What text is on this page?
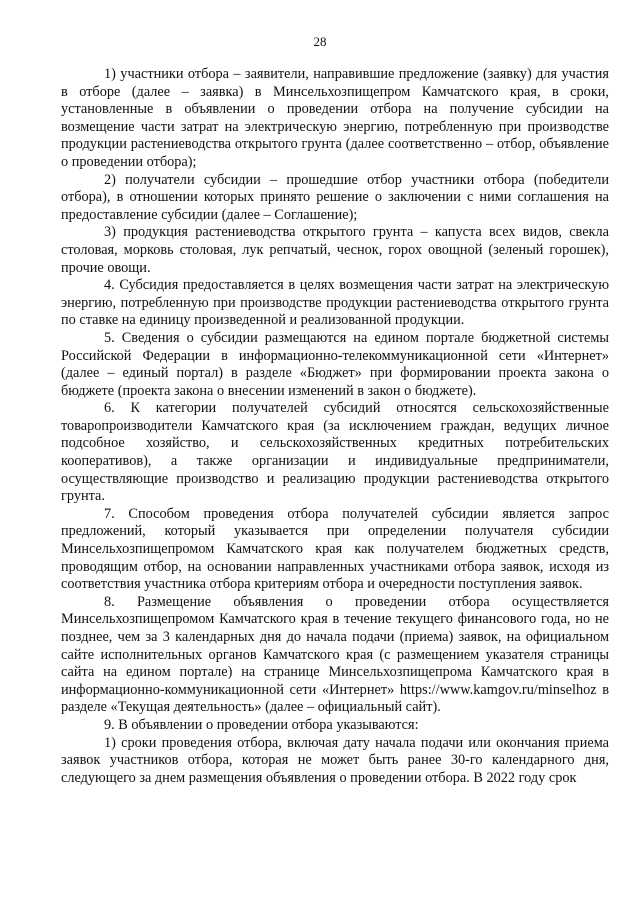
28

1) участники отбора – заявители, направившие предложение (заявку) для участия в отборе (далее – заявка) в Минсельхозпищепром Камчатского края, в сроки, установленные в объявлении о проведении отбора на получение субсидии на возмещение части затрат на электрическую энергию, потребленную при производстве продукции растениеводства открытого грунта (далее соответственно – отбор, объявление о проведении отбора);

2) получатели субсидии – прошедшие отбор участники отбора (победители отбора), в отношении которых принято решение о заключении с ними соглашения на предоставление субсидии (далее – Соглашение);

3) продукция растениеводства открытого грунта – капуста всех видов, свекла столовая, морковь столовая, лук репчатый, чеснок, горох овощной (зеленый горошек), прочие овощи.

4. Субсидия предоставляется в целях возмещения части затрат на электрическую энергию, потребленную при производстве продукции растениеводства открытого грунта по ставке на единицу произведенной и реализованной продукции.

5. Сведения о субсидии размещаются на едином портале бюджетной системы Российской Федерации в информационно-телекоммуникационной сети «Интернет» (далее – единый портал) в разделе «Бюджет» при формировании проекта закона о бюджете (проекта закона о внесении изменений в закон о бюджете).

6. К категории получателей субсидий относятся сельскохозяйственные товаропроизводители Камчатского края (за исключением граждан, ведущих личное подсобное хозяйство, и сельскохозяйственных кредитных потребительских кооперативов), а также организации и индивидуальные предприниматели, осуществляющие производство и реализацию продукции растениеводства открытого грунта.

7. Способом проведения отбора получателей субсидии является запрос предложений, который указывается при определении получателя субсидии Минсельхозпищепромом Камчатского края как получателем бюджетных средств, проводящим отбор, на основании направленных участниками отбора заявок, исходя из соответствия участника отбора критериям отбора и очередности поступления заявок.

8. Размещение объявления о проведении отбора осуществляется Минсельхозпищепромом Камчатского края в течение текущего финансового года, но не позднее, чем за 3 календарных дня до начала подачи (приема) заявок, на официальном сайте исполнительных органов Камчатского края (с размещением указателя страницы сайта на едином портале) на странице Минсельхозпищепрома Камчатского края в информационно-коммуникационной сети «Интернет» https://www.kamgov.ru/minselhoz в разделе «Текущая деятельность» (далее – официальный сайт).

9. В объявлении о проведении отбора указываются:

1) сроки проведения отбора, включая дату начала подачи или окончания приема заявок участников отбора, которая не может быть ранее 30-го календарного дня, следующего за днем размещения объявления о проведении отбора. В 2022 году срок
